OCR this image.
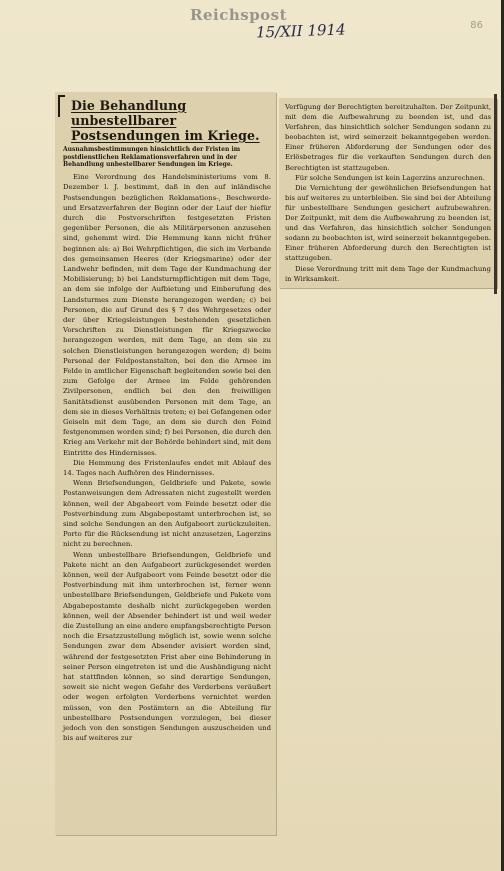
Reichspost
15/XII 1914	86
Die Behandlung unbestellbarer
Postsendungen im Kriege.
Ausnahmsbestimmungen hinsichtlich der Fristen im postdienstlichen Reklamationsverfahren und in der Behandlung unbestellbarer Sendungen im Kriege.

Eine Verordnung des Handelsministeriums vom 8. Dezember l. J. bestimmt, daß in den auf inländische Postsendungen bezüglichen Reklamations-, Beschwerde- und Ersatzverfahren der Beginn oder der Lauf der hiefür durch die Postvorschriften festgesetzten Fristen gegenüber Personen, die als Militärpersonen anzusehen sind, gehemmt wird. Die Hemmung kann nicht früher beginnen als: a) Bei Wehrpflichtigen, die sich im Verbande des gemeinsamen Heeres (der Kriegsmarine) oder der Landwehr befinden, mit dem Tage der Kundmachung der Mobilisierung; b) bei Landsturmpflichtigen mit dem Tage, an dem sie infolge der Aufbietung und Einberufung des Landsturmes zum Dienste herangezogen werden; c) bei Personen, die auf Grund des § 7 des Wehrgesetzes oder der über Kriegsleistungen bestehenden gesetzlichen Vorschriften zu Dienstleistungen für Kriegszwecke herangezogen werden, mit dem Tage, an dem sie zu solchen Dienstleistungen herangezogen werden; d) beim Personal der Feldpostanstalten, bei den die Armee im Felde in amtlicher Eigenschaft begleitenden sowie bei den zum Gefolge der Armee im Felde gehörenden Zivilpersonen, endlich bei den den freiwilligen Sanitätsdienst ausübenden Personen mit dem Tage, an dem sie in dieses Verhältnis treten; e) bei Gefangenen oder Geiseln mit dem Tage, an dem sie durch den Feind festgenommen worden sind; f) bei Personen, die durch den Krieg am Verkehr mit der Behörde behindert sind, mit dem Eintritte des Hindernisses.

Die Hemmung des Fristenlaufes endet mit Ablauf des 14. Tages nach Aufhören des Hindernisses.

Wenn Briefsendungen, Geldbriefe und Pakete, sowie Postanweisungen dem Adressaten nicht zugestellt werden können, weil der Abgabeort vom Feinde besetzt oder die Postverbindung zum Abgabepostamt unterbrochen ist, so sind solche Sendungen an den Aufgabeort zurückzuleiten. Porto für die Rücksendung ist nicht anzusetzen, Lagerzins nicht zu berechnen.

Wenn unbestellbare Briefsendungen, Geldbriefe und Pakete nicht an den Aufgabeort zurückgesendet werden können, weil der Aufgabeort vom Feinde besetzt oder die Postverbindung mit ihm unterbrochen ist, ferner wenn unbestellbare Briefsendungen, Geldbriefe und Pakete vom Abgabepostamte deshalb nicht zurückgegeben werden können, weil der Absender behindert ist und weil weder die Zustellung an eine andere empfangsberechtigte Person noch die Ersatzzustellung möglich ist, sowie wenn solche Sendungen zwar dem Absender avisiert worden sind, während der festgesetzten Frist aber eine Behinderung in seiner Person eingetreten ist und die Aushändigung nicht hat stattfinden können, so sind derartige Sendungen, soweit sie nicht wegen Gefahr des Verderbens veräußert oder wegen erfolgten Verderbens vernichtet werden müssen, von den Postämtern an die Abteilung für unbestellbare Postsendungen vorzulegen, bei dieser jedoch von den sonstigen Sendungen auszuscheiden und bis auf weiteres zur

Verfügung der Berechtigten bereitzuhalten. Der Zeitpunkt, mit dem die Aufbewahrung zu beenden ist, und das Verfahren, das hinsichtlich solcher Sendungen sodann zu beobachten ist, wird seinerzeit bekanntgegeben werden. Einer früheren Abforderung der Sendungen oder des Erlösbetrages für die verkauften Sendungen durch den Berechtigten ist stattzugeben.

Für solche Sendungen ist kein Lagerzins anzurechnen.

Die Vernichtung der gewöhnlichen Briefsendungen hat bis auf weiteres zu unterbleiben. Sie sind bei der Abteilung für unbestellbare Sendungen gesichert aufzubewahren. Der Zeitpunkt, mit dem die Aufbewahrung zu beenden ist, und das Verfahren, das hinsichtlich solcher Sendungen sodann zu beobachten ist, wird seinerzeit bekanntgegeben. Einer früheren Abforderung durch den Berechtigten ist stattzugeben.

Diese Verordnung tritt mit dem Tage der Kundmachung in Wirksamkeit.
